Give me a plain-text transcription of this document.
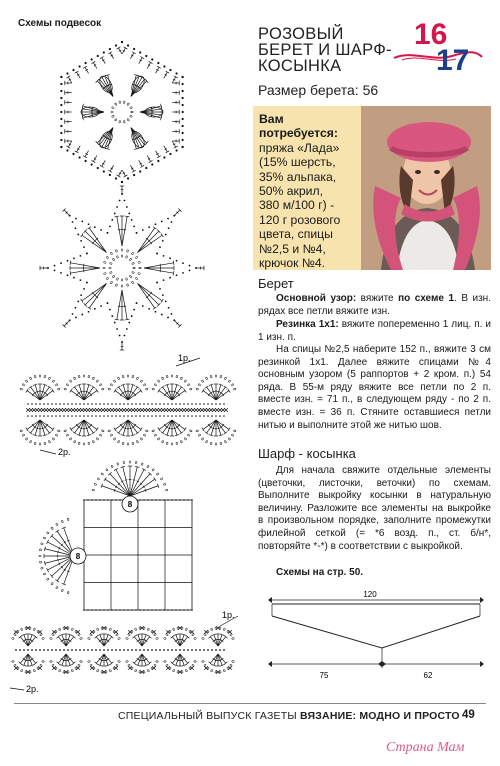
Схемы подвесок
8
8
1р.
2р.
1р.
2р.
РОЗОВЫЙ
БЕРЕТ И ШАРФ-
КОСЫНКА
16
17
Размер берета: 56
Вам
потребуется:
пряжа «Лада»
(15% шерсть,
35% альпака,
50% акрил,
380 м/100 г) -
120 г розового
цвета, спицы
№2,5 и №4,
крючок №4.
Берет
Основной узор: вяжите по схеме 1. В изн. рядах все петли вяжите изн.
Резинка 1х1: вяжите попеременно 1 лиц. п. и 1 изн. п.
На спицы №2,5 наберите 152 п., вяжите 3 см резинкой 1х1. Далее вяжите спицами №4 основным узором (5 раппортов + 2 кром. п.) 54 ряда. В 55-м ряду вяжите все петли по 2 п. вместе изн. = 71 п., в следующем ряду - по 2 п. вместе изн. = 36 п. Стяните оставшиеся петли нитью и выполните этой же нитью шов.
Шарф - косынка
Для начала свяжите отдельные элементы (цветочки, листочки, веточки) по схемам. Выполните выкройку косынки в натуральную величину. Разложите все элементы на выкройке в произвольном порядке, заполните промежутки филейной сеткой (= *6 возд. п., ст. б/н*, повторяйте *-*) в соответствии с выкройкой.
Схемы на стр. 50.
120
75	62
СПЕЦИАЛЬНЫЙ ВЫПУСК ГАЗЕТЫ ВЯЗАНИЕ: МОДНО И ПРОСТО 49
Страна Мам
